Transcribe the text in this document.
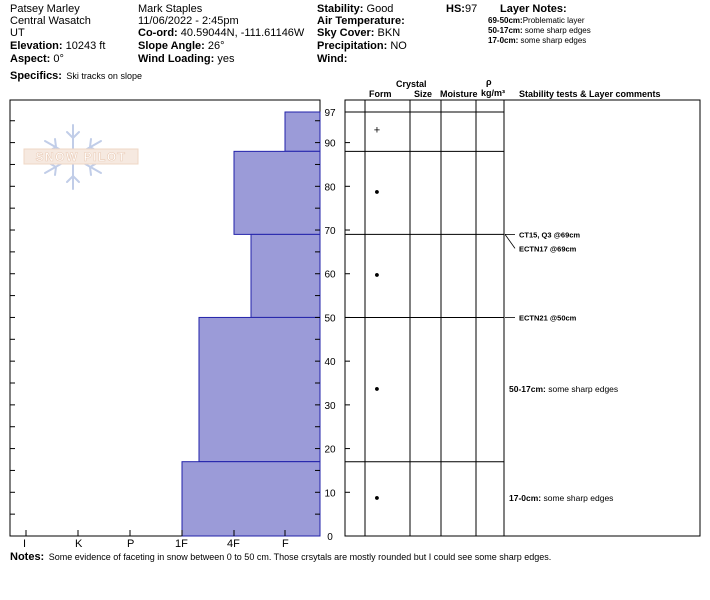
Patsey Marley
Central Wasatch
UT
Elevation: 10243 ft
Aspect: 0°
Specifics: Ski tracks on slope
Mark Staples
11/06/2022 - 2:45pm
Co-ord: 40.59044N, -111.61146W
Slope Angle: 26°
Wind Loading: yes
Stability: Good
Air Temperature:
Sky Cover: BKN
Precipitation: NO
Wind:
HS:97 Layer Notes:
69-50cm:Problematic layer
50-17cm: some sharp edges
17-0cm: some sharp edges
Crystal
Form	Size Moisture
ρ
kg/m³ Stability tests & Layer comments
SNOW PILOT
0
10
20
30
40
50
60
70
80
90
97
+
●
●
●
●
CT15, Q3 @69cm
ECTN17 @69cm
ECTN21 @50cm
50-17cm: some sharp edges
17-0cm: some sharp edges
I	K	P	1F	4F	F
Notes: Some evidence of faceting in snow between 0 to 50 cm. Those crsytals are mostly rounded but I could see some sharp edges.
